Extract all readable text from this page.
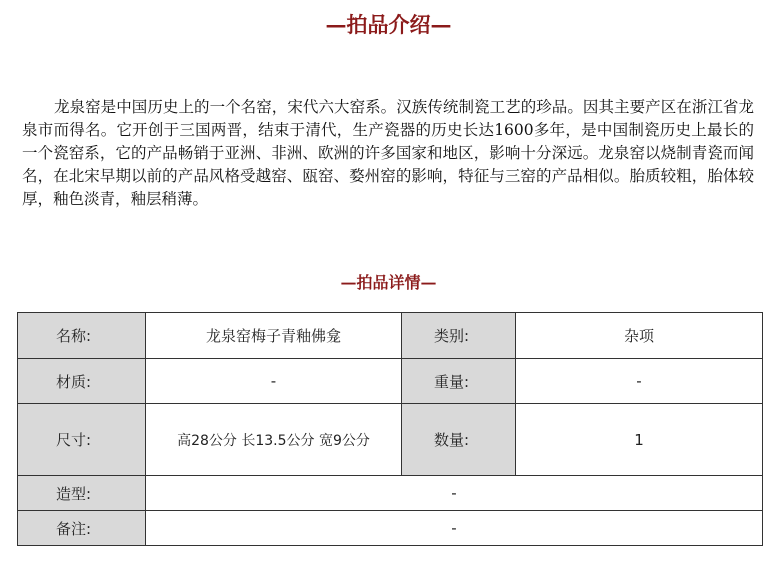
—拍品介绍—

龙泉窑是中国历史上的一个名窑，宋代六大窑系。汉族传统制瓷工艺的珍品。因其主要产区在浙江省龙泉市而得名。它开创于三国两晋，结束于清代，生产瓷器的历史长达1600多年，是中国制瓷历史上最长的一个瓷窑系，它的产品畅销于亚洲、非洲、欧洲的许多国家和地区，影响十分深远。龙泉窑以烧制青瓷而闻名，在北宋早期以前的产品风格受越窑、瓯窑、婺州窑的影响，特征与三窑的产品相似。胎质较粗，胎体较厚，釉色淡青，釉层稍薄。

—拍品详情—
名称:	龙泉窑梅子青釉佛龛	类别:	杂项
材质:	-	重量:	-
尺寸:	高28公分 长13.5公分 宽9公分	数量:	1
造型:	-		
备注:	-		
